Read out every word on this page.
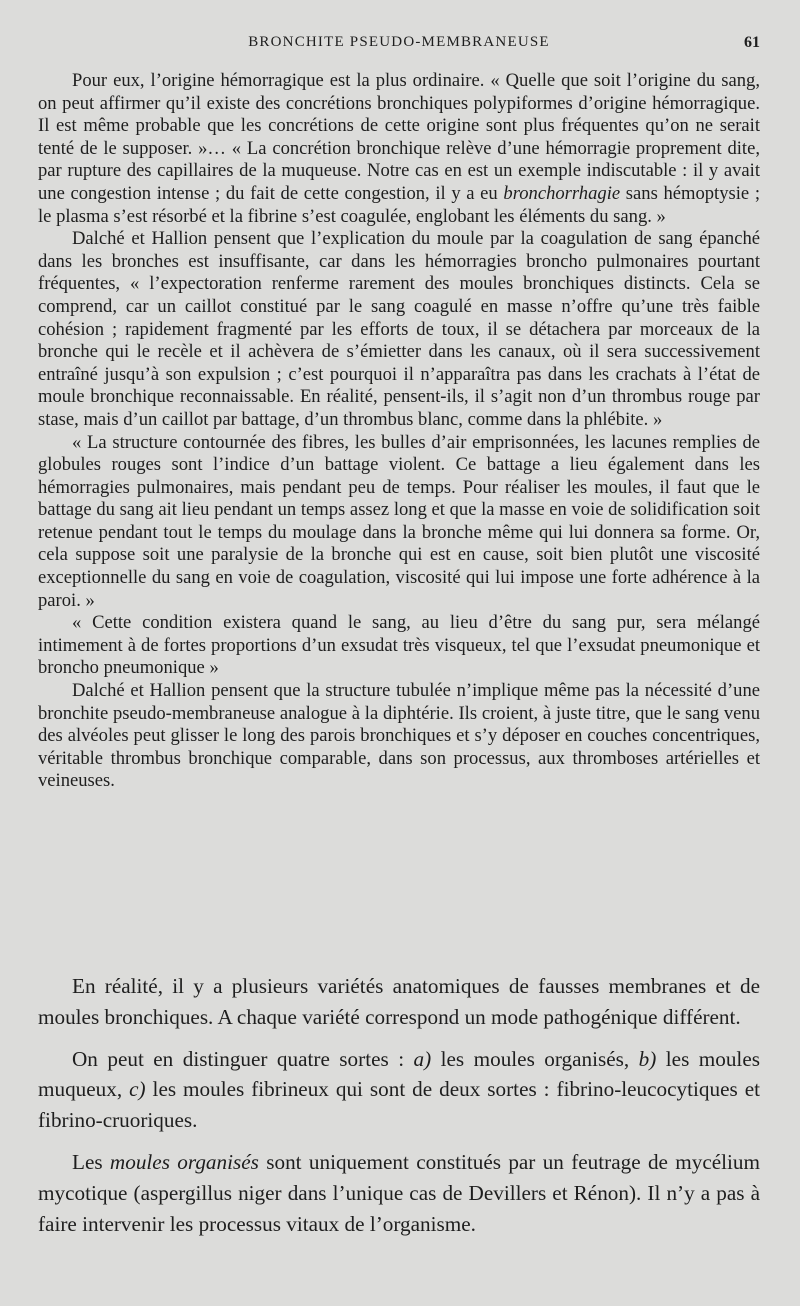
BRONCHITE PSEUDO-MEMBRANEUSE	61

Pour eux, l’origine hémorragique est la plus ordinaire. « Quelle que soit l’origine du sang, on peut affirmer qu’il existe des concrétions bronchiques polypiformes d’origine hémorragique. Il est même probable que les concrétions de cette origine sont plus fréquentes qu’on ne serait tenté de le supposer. »… « La concrétion bronchique relève d’une hémorragie proprement dite, par rupture des capillaires de la muqueuse. Notre cas en est un exemple indiscutable : il y avait une congestion intense ; du fait de cette congestion, il y a eu bronchorrhagie sans hémoptysie ; le plasma s’est résorbé et la fibrine s’est coagulée, englobant les éléments du sang. »

Dalché et Hallion pensent que l’explication du moule par la coagulation de sang épanché dans les bronches est insuffisante, car dans les hémorragies broncho pulmonaires pourtant fréquentes, « l’expectoration renferme rarement des moules bronchiques distincts. Cela se comprend, car un caillot constitué par le sang coagulé en masse n’offre qu’une très faible cohésion ; rapidement fragmenté par les efforts de toux, il se détachera par morceaux de la bronche qui le recèle et il achèvera de s’émietter dans les canaux, où il sera successivement entraîné jusqu’à son expulsion ; c’est pourquoi il n’apparaîtra pas dans les crachats à l’état de moule bronchique reconnaissable. En réalité, pensent-ils, il s’agit non d’un thrombus rouge par stase, mais d’un caillot par battage, d’un thrombus blanc, comme dans la phlébite. »

« La structure contournée des fibres, les bulles d’air emprisonnées, les lacunes remplies de globules rouges sont l’indice d’un battage violent. Ce battage a lieu également dans les hémorragies pulmonaires, mais pendant peu de temps. Pour réaliser les moules, il faut que le battage du sang ait lieu pendant un temps assez long et que la masse en voie de solidification soit retenue pendant tout le temps du moulage dans la bronche même qui lui donnera sa forme. Or, cela suppose soit une paralysie de la bronche qui est en cause, soit bien plutôt une viscosité exceptionnelle du sang en voie de coagulation, viscosité qui lui impose une forte adhérence à la paroi. »

« Cette condition existera quand le sang, au lieu d’être du sang pur, sera mélangé intimement à de fortes proportions d’un exsudat très visqueux, tel que l’exsudat pneumonique et broncho pneumonique »

Dalché et Hallion pensent que la structure tubulée n’implique même pas la nécessité d’une bronchite pseudo-membraneuse analogue à la diphtérie. Ils croient, à juste titre, que le sang venu des alvéoles peut glisser le long des parois bronchiques et s’y déposer en couches concentriques, véritable thrombus bronchique comparable, dans son processus, aux thromboses artérielles et veineuses.

En réalité, il y a plusieurs variétés anatomiques de fausses membranes et de moules bronchiques. A chaque variété correspond un mode pathogénique différent.

On peut en distinguer quatre sortes : a) les moules organisés, b) les moules muqueux, c) les moules fibrineux qui sont de deux sortes : fibrino-leucocytiques et fibrino-cruoriques.

Les moules organisés sont uniquement constitués par un feutrage de mycélium mycotique (aspergillus niger dans l’unique cas de Devillers et Rénon). Il n’y a pas à faire intervenir les processus vitaux de l’organisme.
